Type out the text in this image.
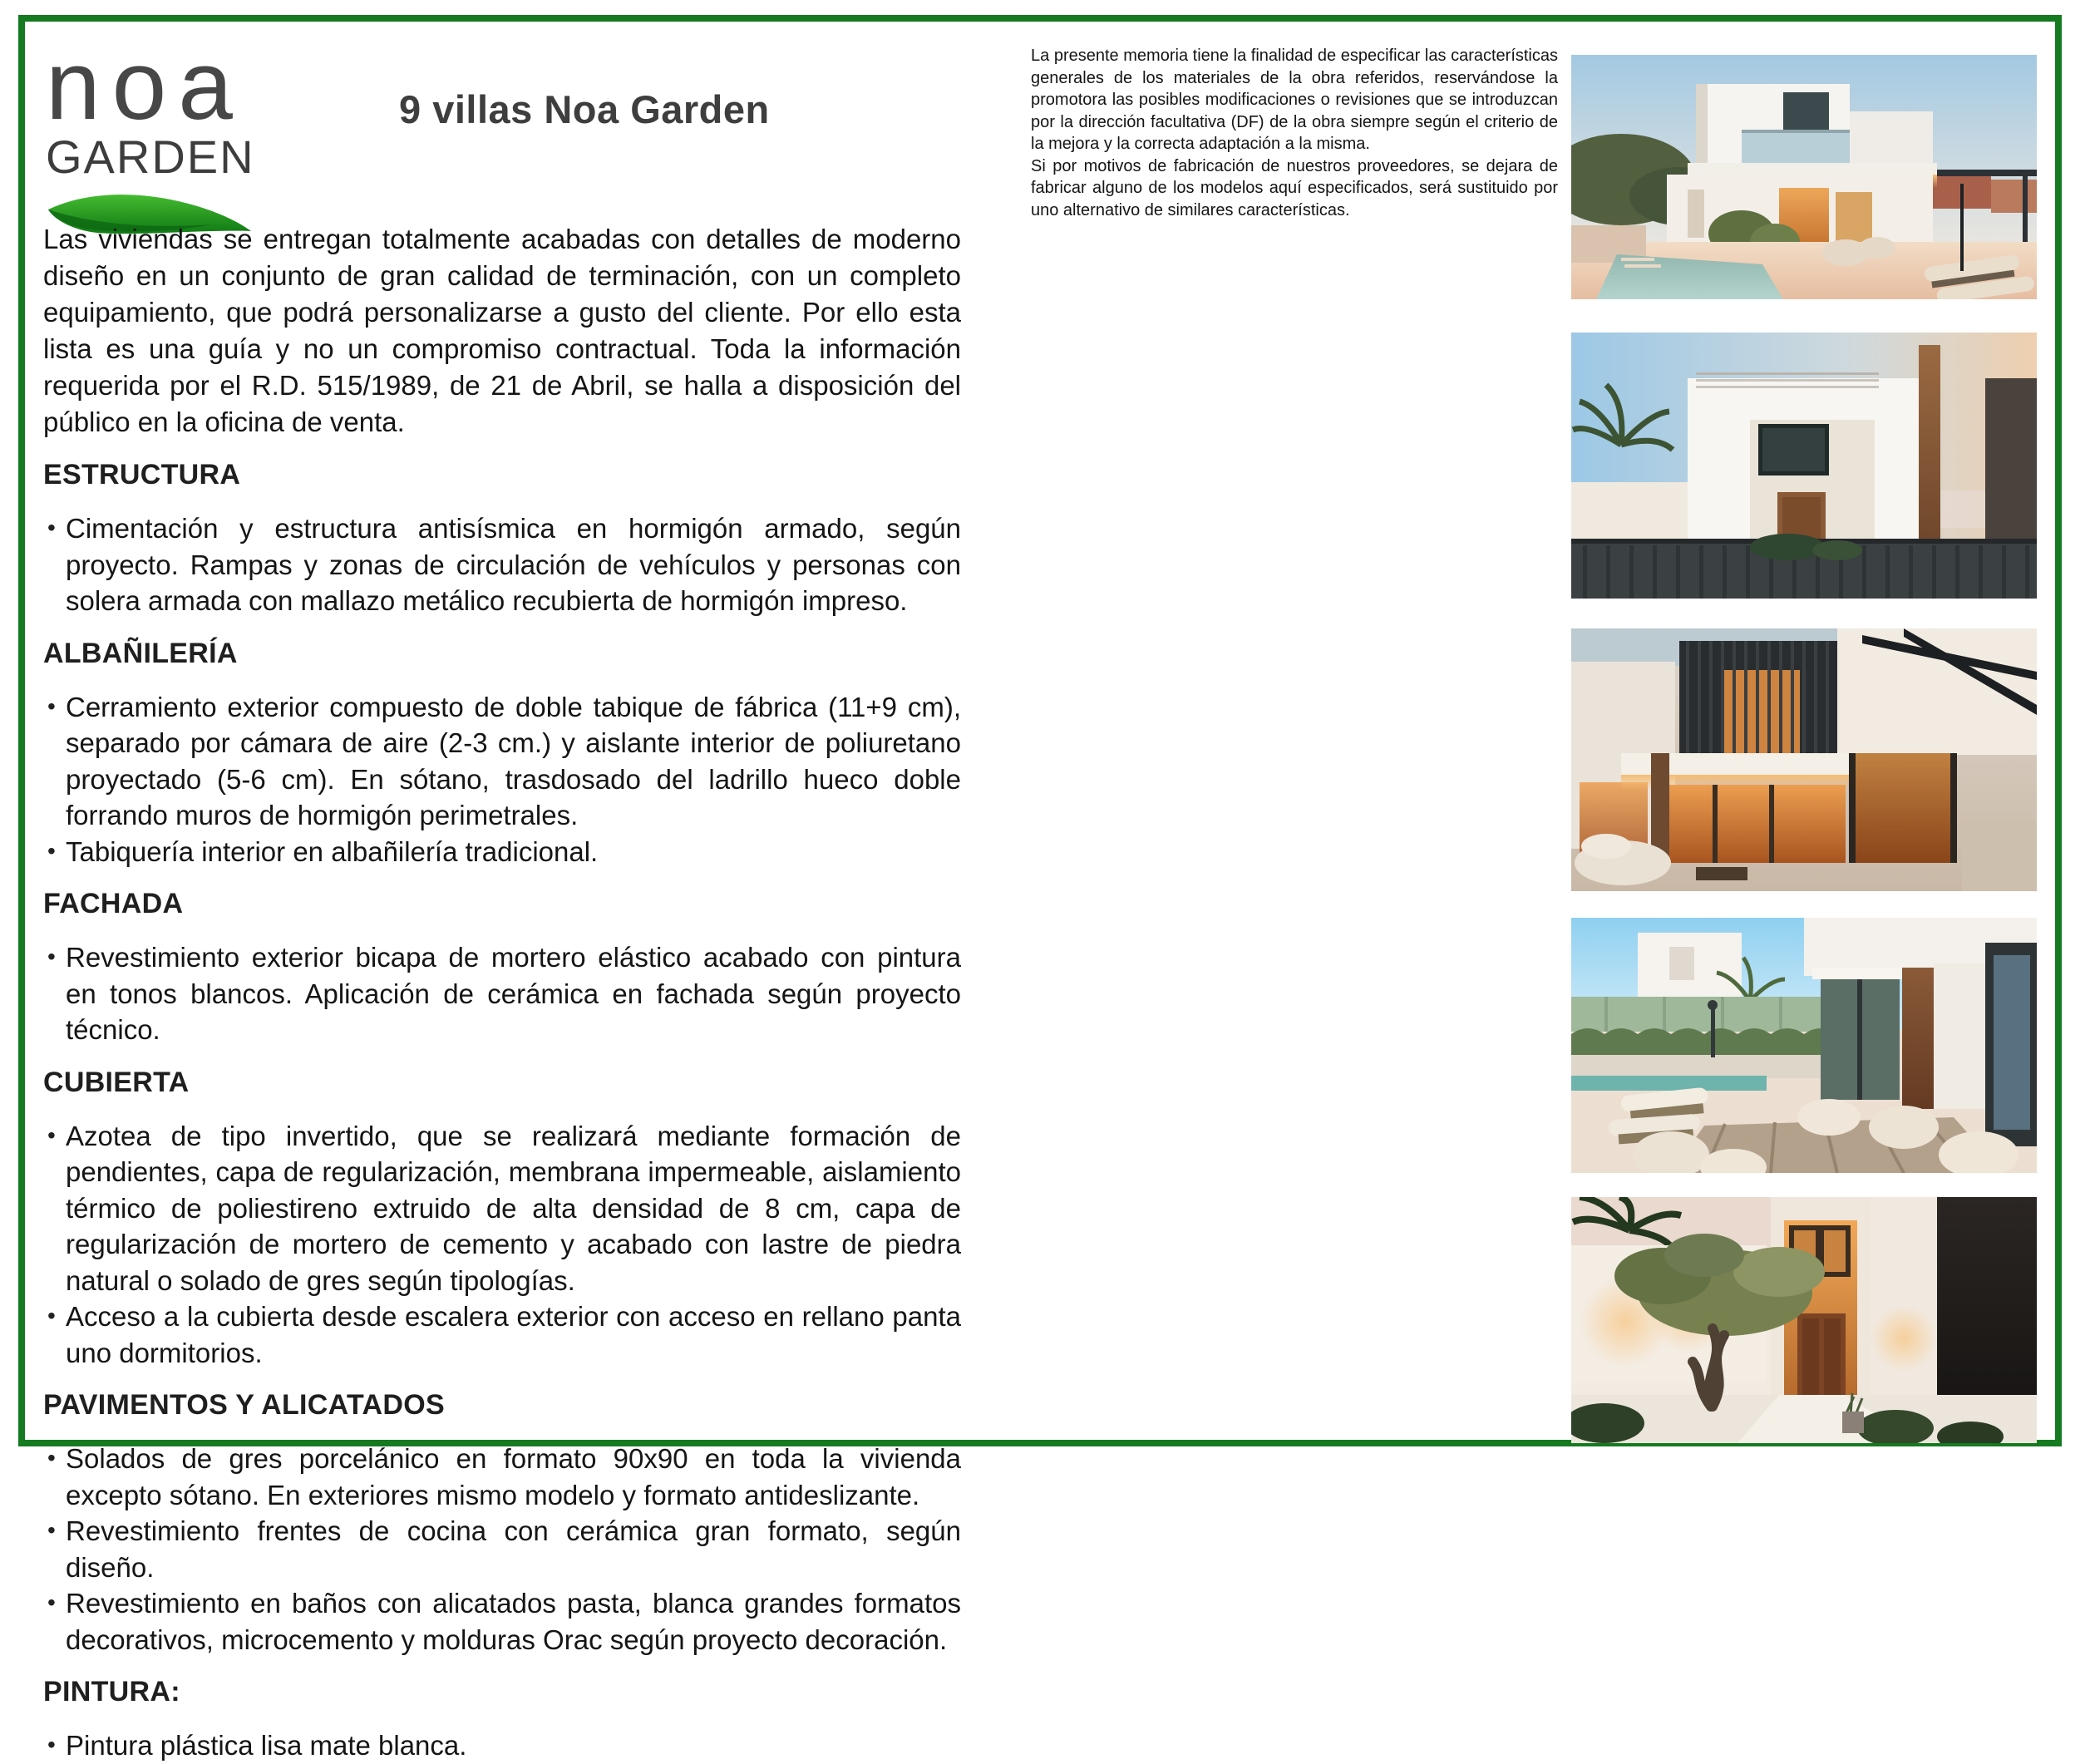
noa
GARDEN
9 villas Noa Garden

La presente memoria tiene la finalidad de especificar las características generales de los materiales de la obra referidos, reservándose la promotora las posibles modificaciones o revisiones que se introduzcan por la dirección facultativa (DF) de la obra siempre según el criterio de la mejora y la correcta adaptación a la misma.

Si por motivos de fabricación de nuestros proveedores, se dejara de fabricar alguno de los modelos aquí especificados, será sustituido por uno alternativo de similares características.

Las viviendas se entregan totalmente acabadas con detalles de moderno diseño en un conjunto de gran calidad de terminación, con un completo equipamiento, que podrá personalizarse a gusto del cliente. Por ello esta lista es una guía y no un compromiso contractual. Toda la información requerida por el R.D. 515/1989, de 21 de Abril, se halla a disposición del público en la oficina de venta.

ESTRUCTURA
• Cimentación y estructura antisísmica en hormigón armado, según proyecto. Rampas y zonas de circulación de vehículos y personas con solera armada con mallazo metálico recubierta de hormigón impreso.
ALBAÑILERÍA
• Cerramiento exterior compuesto de doble tabique de fábrica (11+9 cm), separado por cámara de aire (2-3 cm.) y aislante interior de poliuretano proyectado (5-6 cm). En sótano, trasdosado del ladrillo hueco doble forrando muros de hormigón perimetrales.
• Tabiquería interior en albañilería tradicional.
FACHADA
• Revestimiento exterior bicapa de mortero elástico acabado con pintura en tonos blancos. Aplicación de cerámica en fachada según proyecto técnico.
CUBIERTA
• Azotea de tipo invertido, que se realizará mediante formación de pendientes, capa de regularización, membrana impermeable, aislamiento térmico de poliestireno extruido de alta densidad de 8 cm, capa de regularización de mortero de cemento y acabado con lastre de piedra natural o solado de gres según tipologías.
• Acceso a la cubierta desde escalera exterior con acceso en rellano panta uno dormitorios.
PAVIMENTOS Y ALICATADOS
• Solados de gres porcelánico en formato 90x90 en toda la vivienda excepto sótano. En exteriores mismo modelo y formato antideslizante.
• Revestimiento frentes de cocina con cerámica gran formato, según diseño.
• Revestimiento en baños con alicatados pasta, blanca grandes formatos decorativos, microcemento y molduras Orac según proyecto decoración.
PINTURA:
• Pintura plástica lisa mate blanca.
